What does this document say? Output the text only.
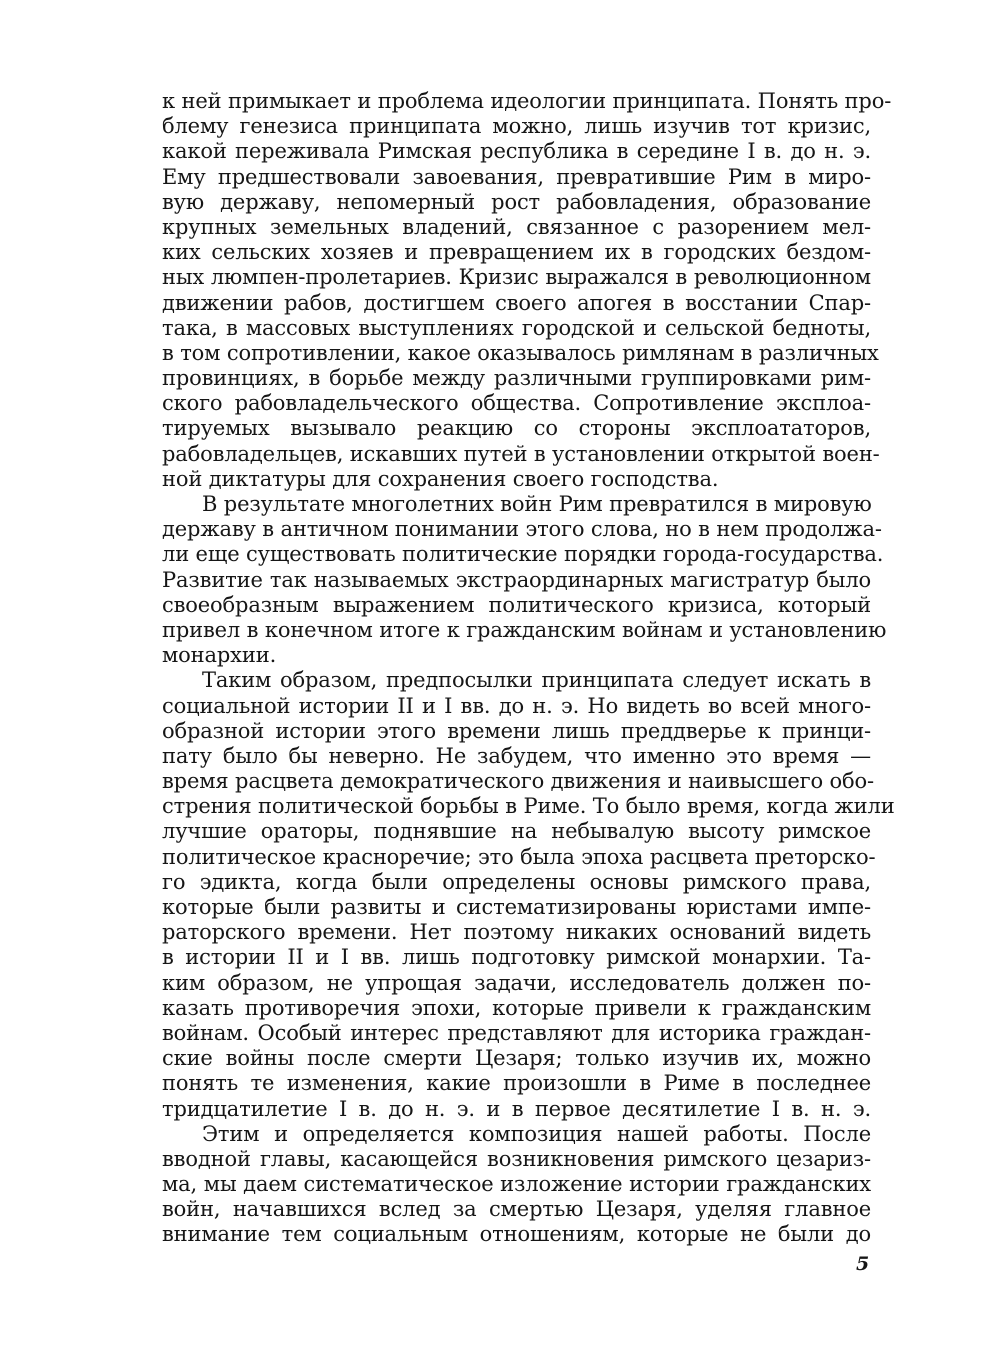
к ней примыкает и проблема идеологии принципата. Понять про-
блему генезиса принципата можно, лишь изучив тот кризис,
какой переживала Римская республика в середине I в. до н. э.
Ему предшествовали завоевания, превратившие Рим в миро-
вую державу, непомерный рост рабовладения, образование
крупных земельных владений, связанное с разорением мел-
ких сельских хозяев и превращением их в городских бездом-
ных люмпен-пролетариев. Кризис выражался в революционном
движении рабов, достигшем своего апогея в восстании Спар-
така, в массовых выступлениях городской и сельской бедноты,
в том сопротивлении, какое оказывалось римлянам в различных
провинциях, в борьбе между различными группировками рим-
ского рабовладельческого общества. Сопротивление эксплоа-
тируемых вызывало реакцию со стороны эксплоататоров,
рабовладельцев, искавших путей в установлении открытой воен-
ной диктатуры для сохранения своего господства.
В результате многолетних войн Рим превратился в мировую
державу в античном понимании этого слова, но в нем продолжа-
ли еще существовать политические порядки города-государства.
Развитие так называемых экстраординарных магистратур было
своеобразным выражением политического кризиса, который
привел в конечном итоге к гражданским войнам и установлению
монархии.
Таким образом, предпосылки принципата следует искать в
социальной истории II и I вв. до н. э. Но видеть во всей много-
образной истории этого времени лишь преддверье к принци-
пату было бы неверно. Не забудем, что именно это время —
время расцвета демократического движения и наивысшего обо-
стрения политической борьбы в Риме. То было время, когда жили
лучшие ораторы, поднявшие на небывалую высоту римское
политическое красноречие; это была эпоха расцвета преторско-
го эдикта, когда были определены основы римского права,
которые были развиты и систематизированы юристами импе-
раторского времени. Нет поэтому никаких оснований видеть
в истории II и I вв. лишь подготовку римской монархии. Та-
ким образом, не упрощая задачи, исследователь должен по-
казать противоречия эпохи, которые привели к гражданским
войнам. Особый интерес представляют для историка граждан-
ские войны после смерти Цезаря; только изучив их, можно
понять те изменения, какие произошли в Риме в последнее
тридцатилетие I в. до н. э. и в первое десятилетие I в. н. э.
Этим и определяется композиция нашей работы. После
вводной главы, касающейся возникновения римского цезариз-
ма, мы даем систематическое изложение истории гражданских
войн, начавшихся вслед за смертью Цезаря, уделяя главное
внимание тем социальным отношениям, которые не были до
5
